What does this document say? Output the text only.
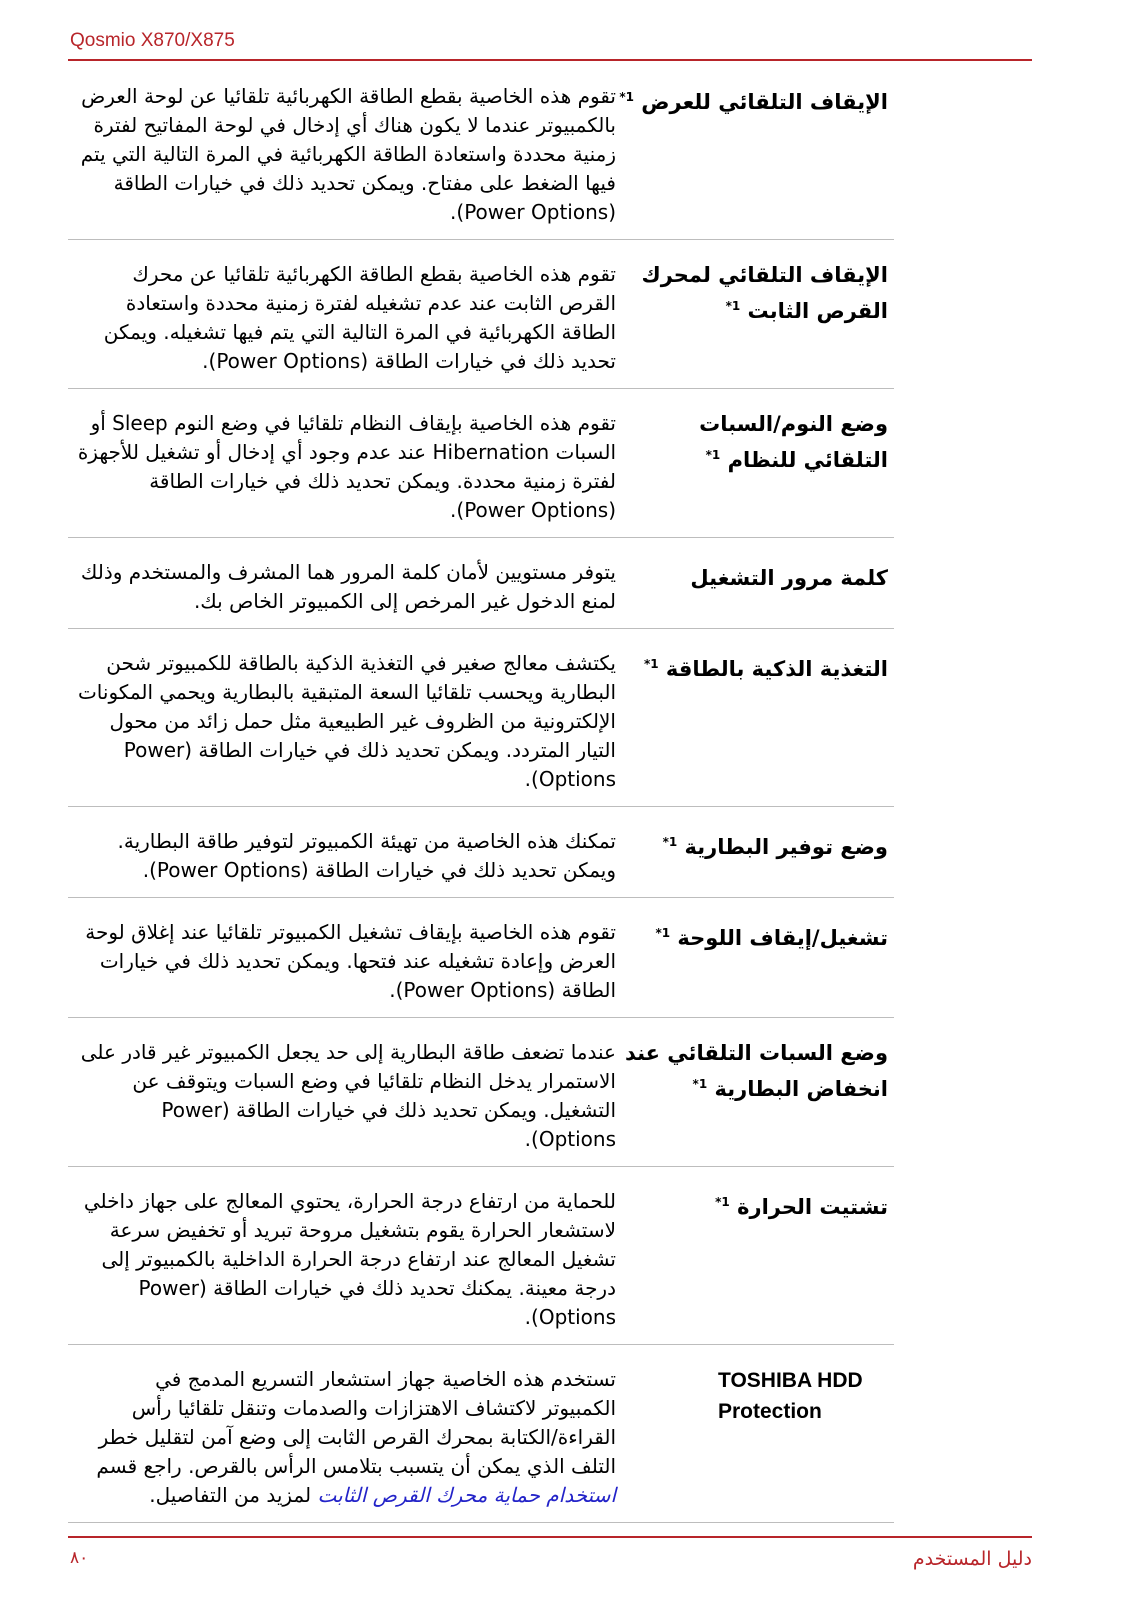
Qosmio X870/X875
تقوم هذه الخاصية بقطع الطاقة الكهربائية تلقائيا عن لوحة العرض بالكمبيوتر عندما لا يكون هناك أي إدخال في لوحة المفاتيح لفترة زمنية محددة واستعادة الطاقة الكهربائية في المرة التالية التي يتم فيها الضغط على مفتاح. ويمكن تحديد ذلك في خيارات الطاقة (Power Options).	الإيقاف التلقائي للعرض $^{1*}$
تقوم هذه الخاصية بقطع الطاقة الكهربائية تلقائيا عن محرك القرص الثابت عند عدم تشغيله لفترة زمنية محددة واستعادة الطاقة الكهربائية في المرة التالية التي يتم فيها تشغيله. ويمكن تحديد ذلك في خيارات الطاقة (Power Options).	الإيقاف التلقائي لمحرك القرص الثابت $^{1*}$
تقوم هذه الخاصية بإيقاف النظام تلقائيا في وضع النوم Sleep أو السبات Hibernation عند عدم وجود أي إدخال أو تشغيل للأجهزة لفترة زمنية محددة. ويمكن تحديد ذلك في خيارات الطاقة (Power Options).	وضع النوم/السبات التلقائي للنظام $^{1*}$
يتوفر مستويين لأمان كلمة المرور هما المشرف والمستخدم وذلك لمنع الدخول غير المرخص إلى الكمبيوتر الخاص بك.	كلمة مرور التشغيل
يكتشف معالج صغير في التغذية الذكية بالطاقة للكمبيوتر شحن البطارية ويحسب تلقائيا السعة المتبقية بالبطارية ويحمي المكونات الإلكترونية من الظروف غير الطبيعية مثل حمل زائد من محول التيار المتردد. ويمكن تحديد ذلك في خيارات الطاقة (Power Options).	التغذية الذكية بالطاقة $^{1*}$
تمكنك هذه الخاصية من تهيئة الكمبيوتر لتوفير طاقة البطارية. ويمكن تحديد ذلك في خيارات الطاقة (Power Options).	وضع توفير البطارية $^{1*}$
تقوم هذه الخاصية بإيقاف تشغيل الكمبيوتر تلقائيا عند إغلاق لوحة العرض وإعادة تشغيله عند فتحها. ويمكن تحديد ذلك في خيارات الطاقة (Power Options).	تشغيل/إيقاف اللوحة $^{1*}$
عندما تضعف طاقة البطارية إلى حد يجعل الكمبيوتر غير قادر على الاستمرار يدخل النظام تلقائيا في وضع السبات ويتوقف عن التشغيل. ويمكن تحديد ذلك في خيارات الطاقة (Power Options).	وضع السبات التلقائي عند انخفاض البطارية $^{1*}$
للحماية من ارتفاع درجة الحرارة، يحتوي المعالج على جهاز داخلي لاستشعار الحرارة يقوم بتشغيل مروحة تبريد أو تخفيض سرعة تشغيل المعالج عند ارتفاع درجة الحرارة الداخلية بالكمبيوتر إلى درجة معينة. يمكنك تحديد ذلك في خيارات الطاقة (Power Options).	تشتيت الحرارة $^{1*}$
تستخدم هذه الخاصية جهاز استشعار التسريع المدمج في الكمبيوتر لاكتشاف الاهتزازات والصدمات وتنقل تلقائيا رأس القراءة/الكتابة بمحرك القرص الثابت إلى وضع آمن لتقليل خطر التلف الذي يمكن أن يتسبب بتلامس الرأس بالقرص. راجع قسم استخدام حماية محرك القرص الثابت لمزيد من التفاصيل.	TOSHIBA HDD Protection
٨٠	دليل المستخدم
